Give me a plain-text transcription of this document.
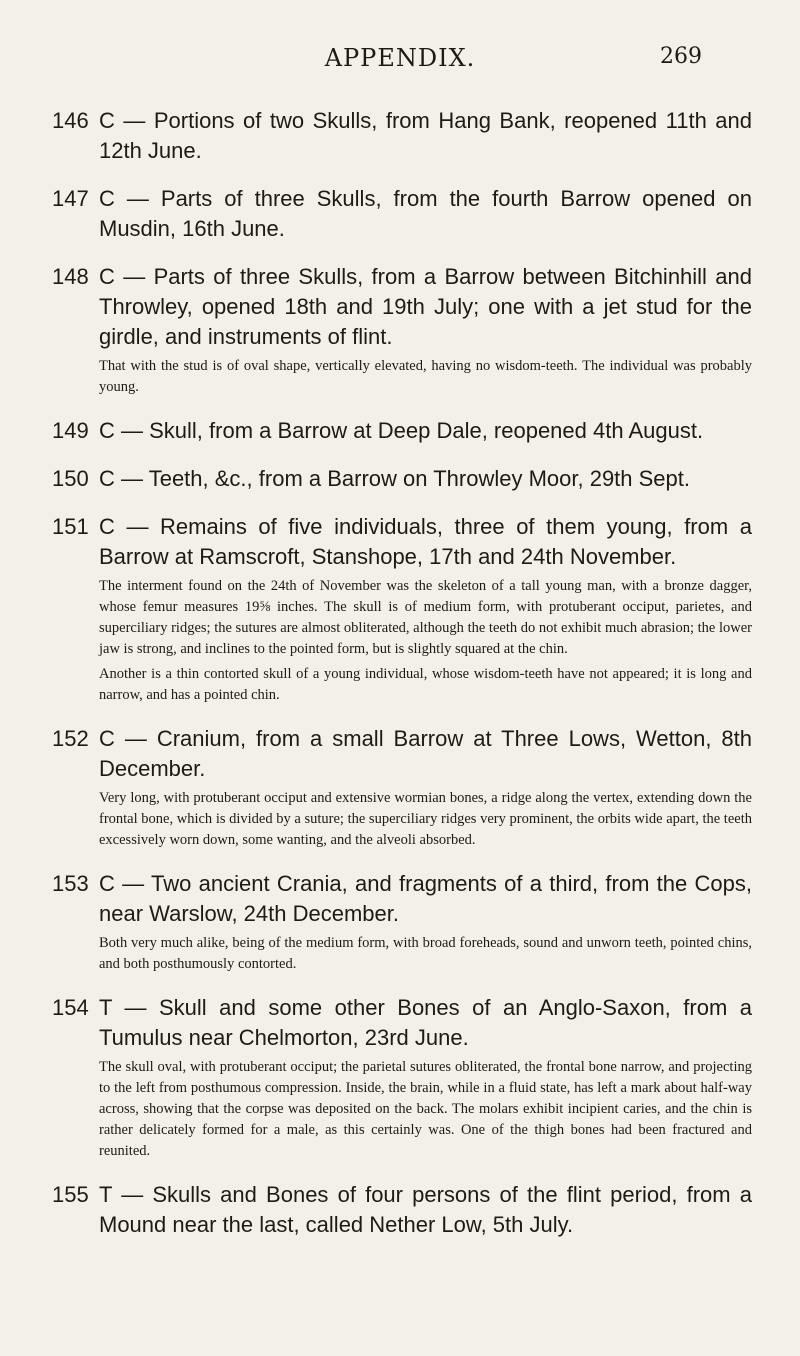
APPENDIX.	269
146 C — Portions of two Skulls, from Hang Bank, reopened 11th and 12th June.
147 C — Parts of three Skulls, from the fourth Barrow opened on Musdin, 16th June.
148 C — Parts of three Skulls, from a Barrow between Bitchinhill and Throwley, opened 18th and 19th July; one with a jet stud for the girdle, and instruments of flint.

That with the stud is of oval shape, vertically elevated, having no wisdom-teeth. The individual was probably young.

149 C — Skull, from a Barrow at Deep Dale, reopened 4th August.
150 C — Teeth, &c., from a Barrow on Throwley Moor, 29th Sept.
151 C — Remains of five individuals, three of them young, from a Barrow at Ramscroft, Stanshope, 17th and 24th November.

The interment found on the 24th of November was the skeleton of a tall young man, with a bronze dagger, whose femur measures 19⅝ inches. The skull is of medium form, with protuberant occiput, parietes, and superciliary ridges; the sutures are almost obliterated, although the teeth do not exhibit much abrasion; the lower jaw is strong, and inclines to the pointed form, but is slightly squared at the chin.

Another is a thin contorted skull of a young individual, whose wisdom-teeth have not appeared; it is long and narrow, and has a pointed chin.

152 C — Cranium, from a small Barrow at Three Lows, Wetton, 8th December.

Very long, with protuberant occiput and extensive wormian bones, a ridge along the vertex, extending down the frontal bone, which is divided by a suture; the superciliary ridges very prominent, the orbits wide apart, the teeth excessively worn down, some wanting, and the alveoli absorbed.

153 C — Two ancient Crania, and fragments of a third, from the Cops, near Warslow, 24th December.

Both very much alike, being of the medium form, with broad foreheads, sound and unworn teeth, pointed chins, and both posthumously contorted.

154 T — Skull and some other Bones of an Anglo-Saxon, from a Tumulus near Chelmorton, 23rd June.

The skull oval, with protuberant occiput; the parietal sutures obliterated, the frontal bone narrow, and projecting to the left from posthumous compression. Inside, the brain, while in a fluid state, has left a mark about half-way across, showing that the corpse was deposited on the back. The molars exhibit incipient caries, and the chin is rather delicately formed for a male, as this certainly was. One of the thigh bones had been fractured and reunited.

155 T — Skulls and Bones of four persons of the flint period, from a Mound near the last, called Nether Low, 5th July.
